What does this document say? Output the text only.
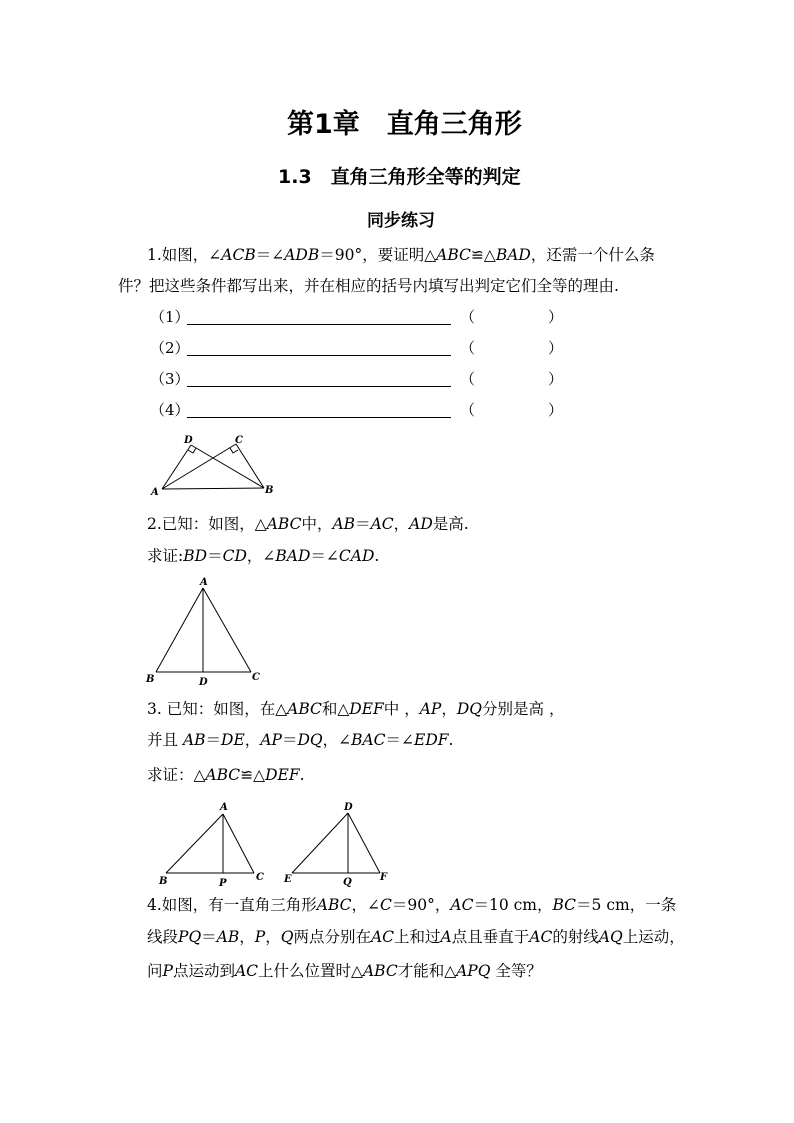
第1章　直角三角形
1.3　直角三角形全等的判定
同步练习
1.如图，∠ACB＝∠ADB＝90°，要证明△ABC≌△BAD，还需一个什么条
件？把这些条件都写出来，并在相应的括号内填写出判定它们全等的理由.
（1）	（	）
（2）	（	）
（3）	（	）
（4）	（	）
A	B
C
D
2.已知：如图，△ABC中，AB＝AC，AD是高.
求证:BD＝CD，∠BAD＝∠CAD.
A
B	C
D
3. 已知：如图，在△ABC和△DEF中 ，AP，DQ分别是高 ，
并且 AB＝DE，AP＝DQ，∠BAC＝∠EDF.
求证：△ABC≌△DEF.
A
B	P
C
D
E	Q	F
4.如图，有一直角三角形ABC，∠C＝90°，AC＝10 cm，BC＝5 cm，一条
线段PQ＝AB，P，Q两点分别在AC上和过A点且垂直于AC的射线AQ上运动，
问P点运动到AC上什么位置时△ABC才能和△APQ 全等？
